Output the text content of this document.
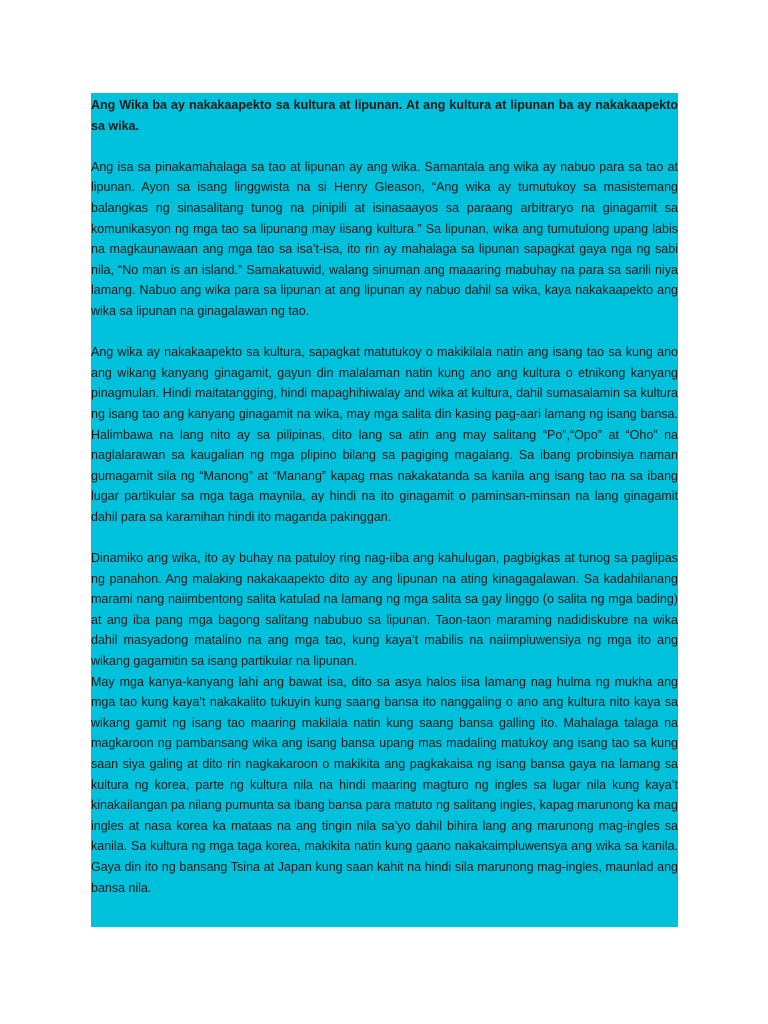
Ang Wika ba ay nakakaapekto sa kultura at lipunan. At ang kultura at lipunan ba ay nakakaapekto sa wika.

Ang isa sa pinakamahalaga sa tao at lipunan ay ang wika. Samantala ang wika ay nabuo para sa tao at lipunan. Ayon sa isang linggwista na si Henry Gleason, “Ang wika ay tumutukoy sa masistemang balangkas ng sinasalitang tunog na pinipili at isinasaayos sa paraang arbitraryo na ginagamit sa komunikasyon ng mga tao sa lipunang may iisang kultura.” Sa lipunan, wika ang tumutulong upang labis na magkaunawaan ang mga tao sa isa’t-isa, ito rin ay mahalaga sa lipunan sapagkat gaya nga ng sabi nila, “No man is an island.” Samakatuwid, walang sinuman ang maaaring mabuhay na para sa sarili niya lamang. Nabuo ang wika para sa lipunan at ang lipunan ay nabuo dahil sa wika, kaya nakakaapekto ang wika sa lipunan na ginagalawan ng tao.

Ang wika ay nakakaapekto sa kultura, sapagkat matutukoy o makikilala natin ang isang tao sa kung ano ang wikang kanyang ginagamit, gayun din malalaman natin kung ano ang kultura o etnikong kanyang pinagmulan. Hindi maitatangging, hindi mapaghihiwalay and wika at kultura, dahil sumasalamin sa kultura ng isang tao ang kanyang ginagamit na wika, may mga salita din kasing pag-aari lamang ng isang bansa. Halimbawa na lang nito ay sa pilipinas, dito lang sa atin ang may salitang “Po”,“Opo” at “Oho” na naglalarawan sa kaugalian ng mga plipino bilang sa pagiging magalang. Sa ibang probinsiya naman gumagamit sila ng “Manong” at “Manang” kapag mas nakakatanda sa kanila ang isang tao na sa ibang lugar partikular sa mga taga maynila, ay hindi na ito ginagamit o paminsan-minsan na lang ginagamit dahil para sa karamihan hindi ito maganda pakinggan.

Dinamiko ang wika, ito ay buhay na patuloy ring nag-iiba ang kahulugan, pagbigkas at tunog sa paglipas ng panahon. Ang malaking nakakaapekto dito ay ang lipunan na ating kinagagalawan. Sa kadahilanang marami nang naiimbentong salita katulad na lamang ng mga salita sa gay linggo (o salita ng mga bading) at ang iba pang mga bagong salitang nabubuo sa lipunan. Taon-taon maraming nadidiskubre na wika dahil masyadong matalino na ang mga tao, kung kaya’t mabilis na naiimpluwensiya ng mga ito ang wikang gagamitin sa isang partikular na lipunan.

May mga kanya-kanyang lahi ang bawat isa, dito sa asya halos iisa lamang nag hulma ng mukha ang mga tao kung kaya’t nakakalito tukuyin kung saang bansa ito nanggaling o ano ang kultura nito kaya sa wikang gamit ng isang tao maaring makilala natin kung saang bansa galling ito. Mahalaga talaga na magkaroon ng pambansang wika ang isang bansa upang mas madaling matukoy ang isang tao sa kung saan siya galing at dito rin nagkakaroon o makikita ang pagkakaisa ng isang bansa gaya na lamang sa kultura ng korea, parte ng kultura nila na hindi maaring magturo ng ingles sa lugar nila kung kaya’t kinakailangan pa nilang pumunta sa ibang bansa para matuto ng salitang ingles, kapag marunong ka mag ingles at nasa korea ka mataas na ang tingin nila sa’yo dahil bihira lang ang marunong mag-ingles sa kanila. Sa kultura ng mga taga korea, makikita natin kung gaano nakakaimpluwensya ang wika sa kanila. Gaya din ito ng bansang Tsina at Japan kung saan kahit na hindi sila marunong mag-ingles, maunlad ang bansa nila.
